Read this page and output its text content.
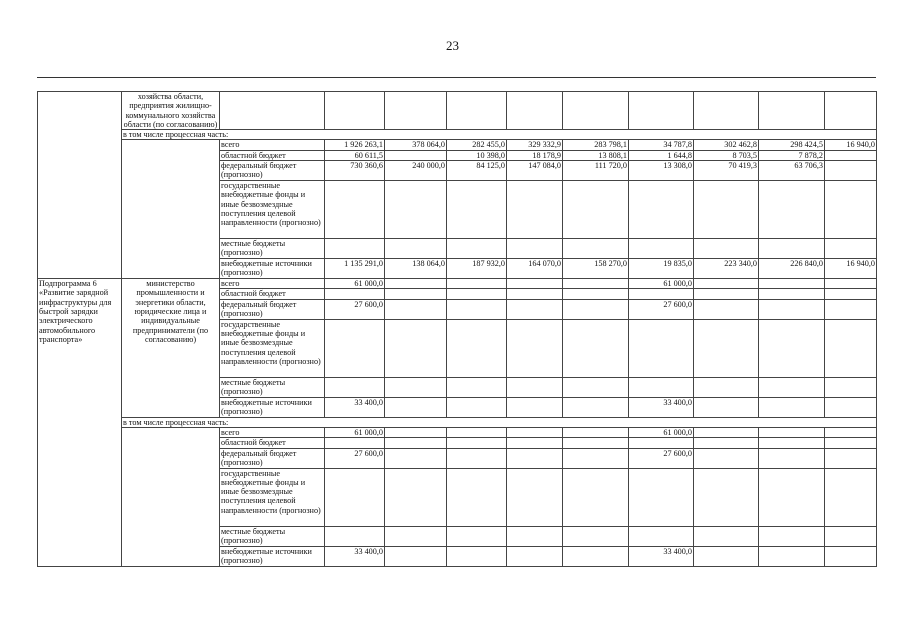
23
	хозяйства области, предприятия жилищно-коммунального хозяйства области (по согласованию)										
	в том числе процессная часть:										
		всего	1 926 263,1	378 064,0	282 455,0	329 332,9	283 798,1	34 787,8	302 462,8	298 424,5	16 940,0
		областной бюджет	60 611,5		10 398,0	18 178,9	13 808,1	1 644,8	8 703,5	7 878,2	
		федеральный бюджет (прогнозно)	730 360,6	240 000,0	84 125,0	147 084,0	111 720,0	13 308,0	70 419,3	63 706,3	
		государственные внебюджетные фонды и иные безвозмездные поступления целевой направленности (прогнозно)									
		местные бюджеты (прогнозно)									
		внебюджетные источники (прогнозно)	1 135 291,0	138 064,0	187 932,0	164 070,0	158 270,0	19 835,0	223 340,0	226 840,0	16 940,0
Подпрограмма 6 «Развитие зарядной инфраструктуры для быстрой зарядки электрического автомобильного транспорта»	министерство промышленности и энергетики области, юридические лица и индивидуальные предприниматели (по согласованию)	всего	61 000,0					61 000,0			
		областной бюджет									
		федеральный бюджет (прогнозно)	27 600,0					27 600,0			
		государственные внебюджетные фонды и иные безвозмездные поступления целевой направленности (прогнозно)									
		местные бюджеты (прогнозно)									
		внебюджетные источники (прогнозно)	33 400,0					33 400,0			
	в том числе процессная часть:										
		всего	61 000,0					61 000,0			
		областной бюджет									
		федеральный бюджет (прогнозно)	27 600,0					27 600,0			
		государственные внебюджетные фонды и иные безвозмездные поступления целевой направленности (прогнозно)									
		местные бюджеты (прогнозно)									
		внебюджетные источники (прогнозно)	33 400,0					33 400,0			
